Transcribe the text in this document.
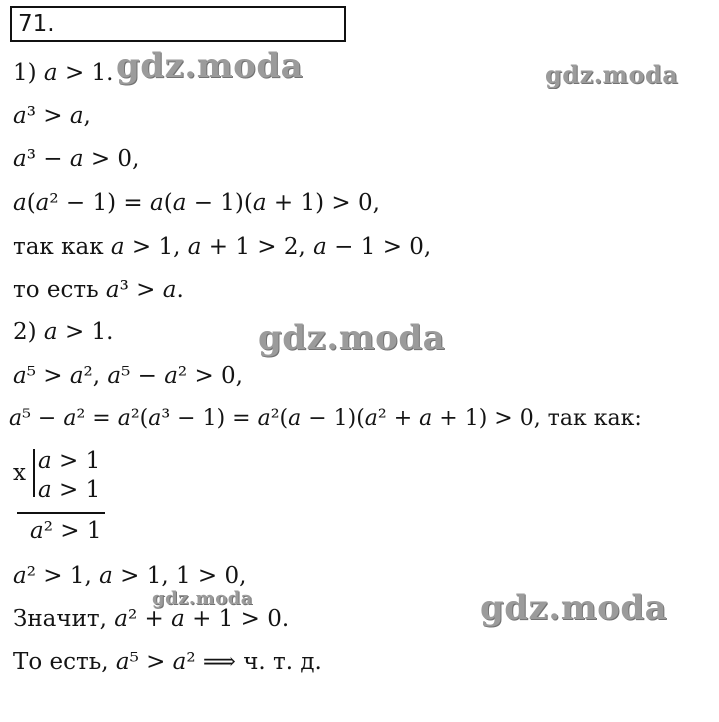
71.
1) 𝑎 > 1.
𝑎³ > 𝑎,
𝑎³ − 𝑎 > 0,
𝑎(𝑎² − 1) = 𝑎(𝑎 − 1)(𝑎 + 1) > 0,
так как 𝑎 > 1, 𝑎 + 1 > 2, 𝑎 − 1 > 0,
то есть 𝑎³ > 𝑎.
2) 𝑎 > 1.
𝑎⁵ > 𝑎², 𝑎⁵ − 𝑎² > 0,
𝑎⁵ − 𝑎² = 𝑎²(𝑎³ − 1) = 𝑎²(𝑎 − 1)(𝑎² + 𝑎 + 1) > 0, так как:
x 𝑎 > 1
𝑎 > 1
𝑎² > 1
𝑎² > 1, 𝑎 > 1, 1 > 0,
Значит, 𝑎² + 𝑎 + 1 > 0.
То есть, 𝑎⁵ > 𝑎² ⟹ ч. т. д.
gdz.moda	gdz.moda
gdz.moda
gdz.moda	gdz.moda
